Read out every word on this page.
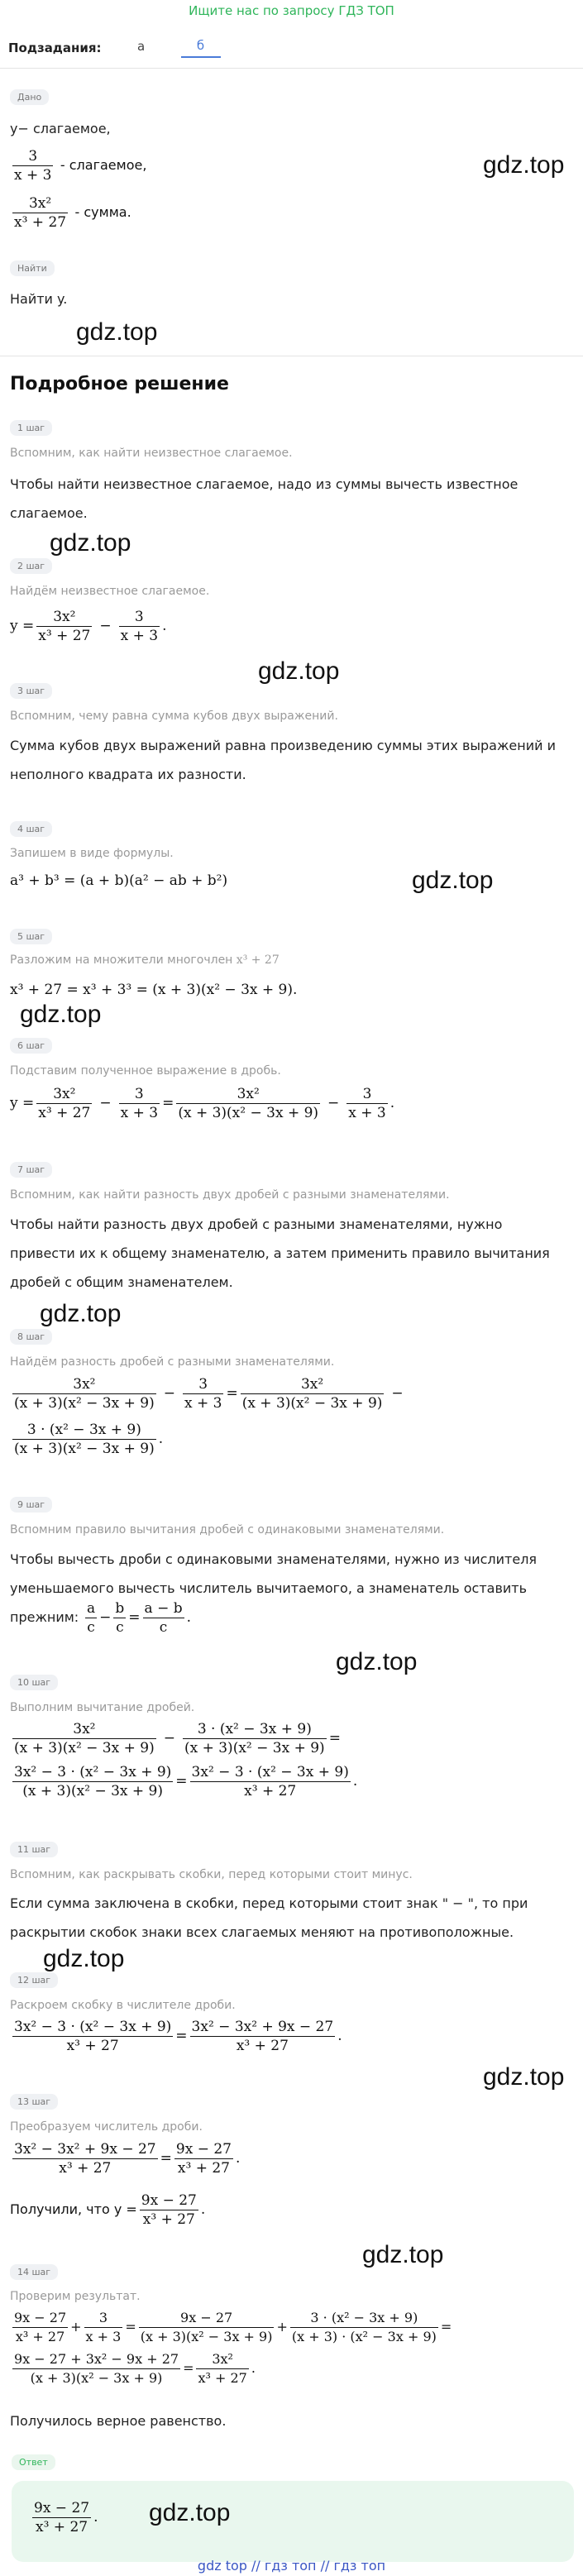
Ищите нас по запросу ГДЗ ТОП
Подзадания:	а	б
Дано
y− слагаемое,
$\frac{3}{x + 3}$ - слагаемое,
$\frac{\text{3x²}}{\text{x³ + 27}}$ - сумма.
Найти
Найти y.
Подробное решение
1 шаг
Вспомним, как найти неизвестное слагаемое.
Чтобы найти неизвестное слагаемое, надо из суммы вычесть известное слагаемое.
2 шаг
Найдём неизвестное слагаемое.
$y = \frac{\text{3x²}}{\text{x³ + 27}} - \frac{3}{x + 3}$ .
3 шаг
Вспомним, чему равна сумма кубов двух выражений.
Сумма кубов двух выражений равна произведению суммы этих выражений и неполного квадрата их разности.
4 шаг
Запишем в виде формулы.
a³ + b³ = (a + b)(a² − ab + b²)
5 шаг
Разложим на множители многочлен x³ + 27
x³ + 27 = x³ + 3³ = (x + 3)(x² − 3x + 9).
6 шаг
Подставим полученное выражение в дробь.
$y = \frac{\text{3x²}}{\text{x³ + 27}} - \frac{3}{x + 3} = \frac{\text{3x²}}{\text{(x + 3)(x² − 3x + 9)}} - \frac{3}{x + 3}$ .
7 шаг
Вспомним, как найти разность двух дробей с разными знаменателями.
Чтобы найти разность двух дробей с разными знаменателями, нужно привести их к общему знаменателю, а затем применить правило вычитания дробей с общим знаменателем.
8 шаг
Найдём разность дробей с разными знаменателями.
$\frac{\text{3x²}}{\text{(x + 3)(x² − 3x + 9)}} - \frac{3}{x + 3} = \frac{\text{3x²}}{\text{(x + 3)(x² − 3x + 9)}}$ −
$\frac{\text{3 · (x² − 3x + 9)}}{\text{(x + 3)(x² − 3x + 9)}}$ .
9 шаг
Вспомним правило вычитания дробей с одинаковыми знаменателями.
Чтобы вычесть дроби с одинаковыми знаменателями, нужно из числителя уменьшаемого вычесть числитель вычитаемого, а знаменатель оставить прежним: $\frac{a}{c} - \frac{b}{c} = \frac{a - b}{c}$ .
10 шаг
Выполним вычитание дробей.
$\frac{\text{3x²}}{\text{(x + 3)(x² − 3x + 9)}} - \frac{\text{3 · (x² − 3x + 9)}}{\text{(x + 3)(x² − 3x + 9)}}$ =
$\frac{\text{3x² − 3 · (x² − 3x + 9)}}{\text{(x + 3)(x² − 3x + 9)}} = \frac{\text{3x² − 3 · (x² − 3x + 9)}}{\text{x³ + 27}}$ .
11 шаг
Вспомним, как раскрывать скобки, перед которыми стоит минус.
Если сумма заключена в скобки, перед которыми стоит знак " − ", то при раскрытии скобок знаки всех слагаемых меняют на противоположные.
12 шаг
Раскроем скобку в числителе дроби.
$\frac{\text{3x² − 3 · (x² − 3x + 9)}}{\text{x³ + 27}} = \frac{\text{3x² − 3x² + 9x − 27}}{\text{x³ + 27}}$ .
13 шаг
Преобразуем числитель дроби.
$\frac{\text{3x² − 3x² + 9x − 27}}{\text{x³ + 27}} = \frac{9x - 27}{\text{x³ + 27}}$ .
Получили, что $y = \frac{9x - 27}{\text{x³ + 27}}$ .
14 шаг
Проверим результат.
$\frac{9x - 27}{\text{x³ + 27}} + \frac{3}{x + 3} = \frac{9x - 27}{\text{(x + 3)(x² − 3x + 9)}} + \frac{\text{3 · (x² − 3x + 9)}}{\text{(x + 3) · (x² − 3x + 9)}}$ =
$\frac{\text{9x − 27 + 3x² − 9x + 27}}{\text{(x + 3)(x² − 3x + 9)}} = \frac{\text{3x²}}{\text{x³ + 27}}$ .
Получилось верное равенство.
Ответ
$\frac{9x - 27}{\text{x³ + 27}}$ .
gdz.top
gdz.top
gdz.top
gdz.top
gdz.top
gdz.top
gdz.top
gdz.top
gdz.top
gdz.top
gdz.top
gdz.top
gdz top // гдз топ // гдз топ
